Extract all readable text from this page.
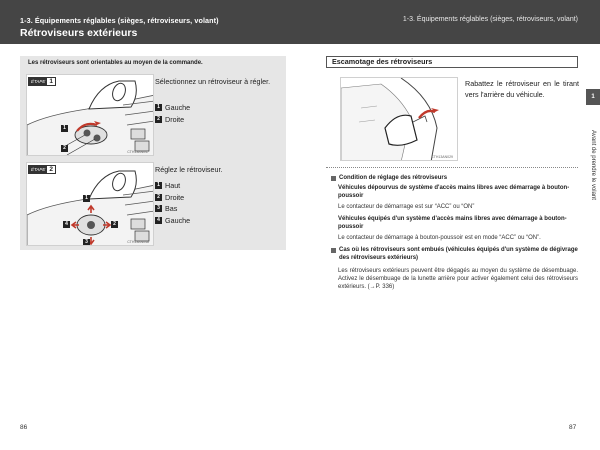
1-3. Équipements réglables (sièges, rétroviseurs, volant)
Rétroviseurs extérieurs
1-3. Équipements réglables (sièges, rétroviseurs, volant)
Les rétroviseurs sont orientables au moyen de la commande.
ÉTAPE 1
1
2
CTH13AN047
Sélectionnez un rétroviseur à régler.
1 Gauche
2 Droite
ÉTAPE 2
1
2
3
4
CTH13AN048
Réglez le rétroviseur.
1 Haut
2 Droite
3 Bas
4 Gauche
Escamotage des rétroviseurs
CTH13AN029
Rabattez le rétroviseur en le tirant vers l'arrière du véhicule.
Condition de réglage des rétroviseurs
Véhicules dépourvus de système d'accès mains libres avec démarrage à bouton-poussoir
Le contacteur de démarrage est sur “ACC” ou “ON”
Véhicules équipés d'un système d'accès mains libres avec démarrage à bouton-poussoir
Le contacteur de démarrage à bouton-poussoir est en mode “ACC” ou “ON”.
Cas où les rétroviseurs sont embués (véhicules équipés d'un système de dégivrage des rétroviseurs extérieurs)
Les rétroviseurs extérieurs peuvent être dégagés au moyen du système de désembuage. Activez le désembuage de la lunette arrière pour activer également celui des rétroviseurs extérieurs. (→P. 336)
1
Avant de prendre le volant
86	87
